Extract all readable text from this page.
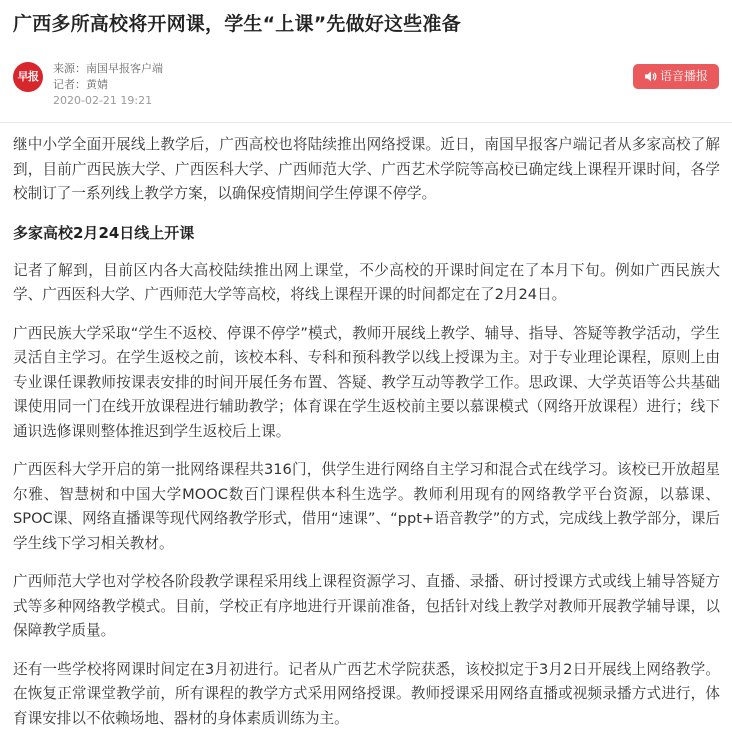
广西多所高校将开网课，学生“上课”先做好这些准备
早报
来源：南国早报客户端
记者：黄婧
2020-02-21 19:21
语音播报

继中小学全面开展线上教学后，广西高校也将陆续推出网络授课。近日，南国早报客户端记者从多家高校了解到，目前广西民族大学、广西医科大学、广西师范大学、广西艺术学院等高校已确定线上课程开课时间，各学校制订了一系列线上教学方案，以确保疫情期间学生停课不停学。

多家高校2月24日线上开课

记者了解到，目前区内各大高校陆续推出网上课堂，不少高校的开课时间定在了本月下旬。例如广西民族大学、广西医科大学、广西师范大学等高校，将线上课程开课的时间都定在了2月24日。

广西民族大学采取“学生不返校、停课不停学”模式，教师开展线上教学、辅导、指导、答疑等教学活动，学生灵活自主学习。在学生返校之前，该校本科、专科和预科教学以线上授课为主。对于专业理论课程，原则上由专业课任课教师按课表安排的时间开展任务布置、答疑、教学互动等教学工作。思政课、大学英语等公共基础课使用同一门在线开放课程进行辅助教学；体育课在学生返校前主要以慕课模式（网络开放课程）进行；线下通识选修课则整体推迟到学生返校后上课。

广西医科大学开启的第一批网络课程共316门，供学生进行网络自主学习和混合式在线学习。该校已开放超星尔雅、智慧树和中国大学MOOC数百门课程供本科生选学。教师利用现有的网络教学平台资源，以慕课、SPOC课、网络直播课等现代网络教学形式，借用“速课”、“ppt+语音教学”的方式，完成线上教学部分，课后学生线下学习相关教材。

广西师范大学也对学校各阶段教学课程采用线上课程资源学习、直播、录播、研讨授课方式或线上辅导答疑方式等多种网络教学模式。目前，学校正有序地进行开课前准备，包括针对线上教学对教师开展教学辅导课，以保障教学质量。

还有一些学校将网课时间定在3月初进行。记者从广西艺术学院获悉，该校拟定于3月2日开展线上网络教学。在恢复正常课堂教学前，所有课程的教学方式采用网络授课。教师授课采用网络直播或视频录播方式进行，体育课安排以不依赖场地、器材的身体素质训练为主。
